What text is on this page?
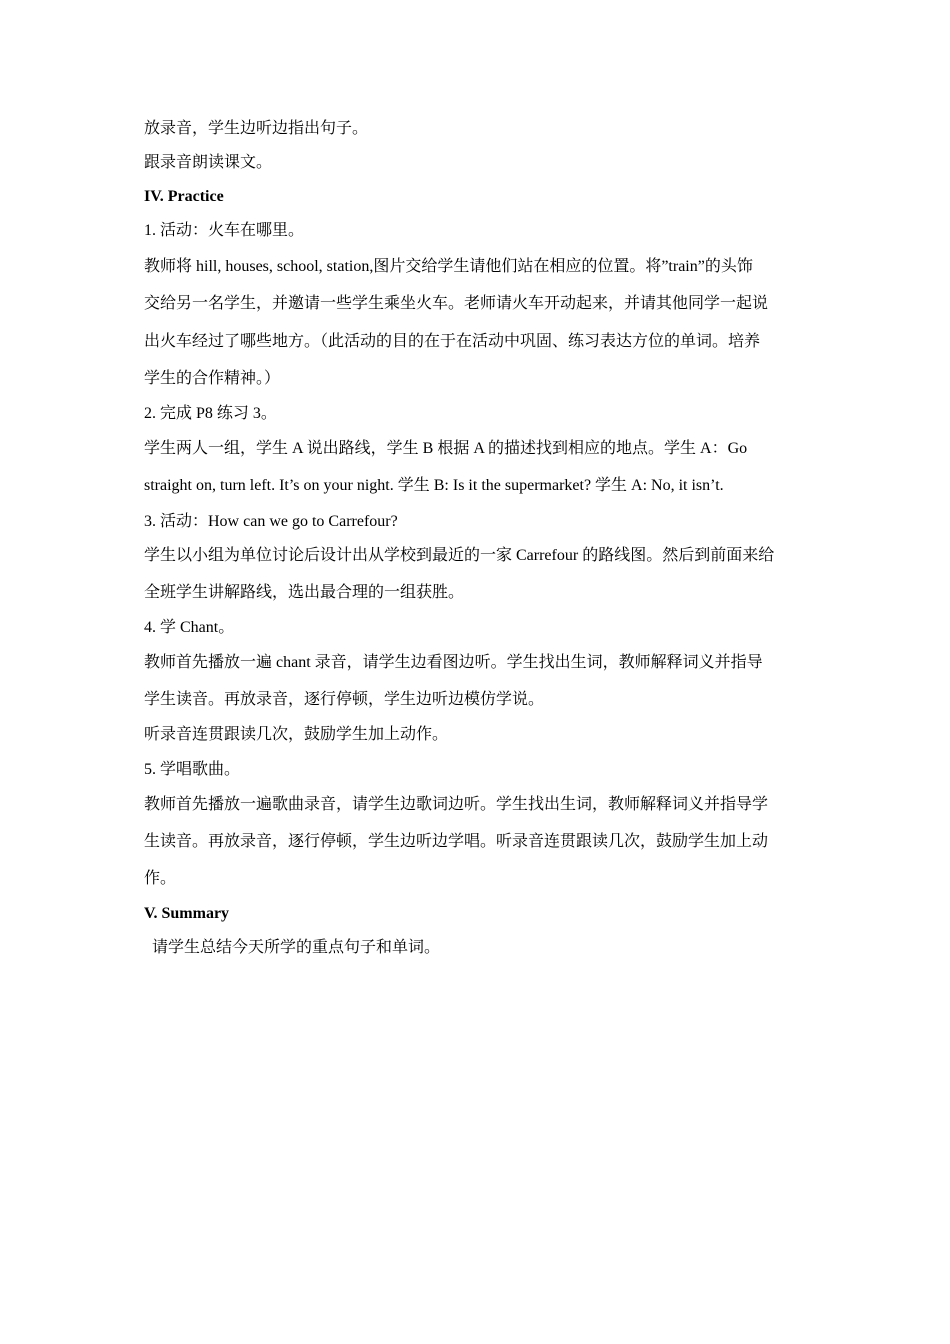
放录音，学生边听边指出句子。
跟录音朗读课文。
IV. Practice
1. 活动：火车在哪里。
教师将 hill, houses, school, station,图片交给学生请他们站在相应的位置。将”train”的头饰
交给另一名学生，并邀请一些学生乘坐火车。老师请火车开动起来，并请其他同学一起说
出火车经过了哪些地方。（此活动的目的在于在活动中巩固、练习表达方位的单词。培养
学生的合作精神。）
2. 完成 P8 练习 3。
学生两人一组，学生 A 说出路线，学生 B 根据 A 的描述找到相应的地点。学生 A：Go
straight on, turn left. It’s on your night. 学生 B: Is it the supermarket? 学生 A: No, it isn’t.
3. 活动：How can we go to Carrefour?
学生以小组为单位讨论后设计出从学校到最近的一家 Carrefour 的路线图。然后到前面来给
全班学生讲解路线，选出最合理的一组获胜。
4. 学 Chant。
教师首先播放一遍 chant 录音，请学生边看图边听。学生找出生词，教师解释词义并指导
学生读音。再放录音，逐行停顿，学生边听边模仿学说。
听录音连贯跟读几次，鼓励学生加上动作。
5. 学唱歌曲。
教师首先播放一遍歌曲录音，请学生边歌词边听。学生找出生词，教师解释词义并指导学
生读音。再放录音，逐行停顿，学生边听边学唱。听录音连贯跟读几次，鼓励学生加上动
作。
V. Summary
请学生总结今天所学的重点句子和单词。
